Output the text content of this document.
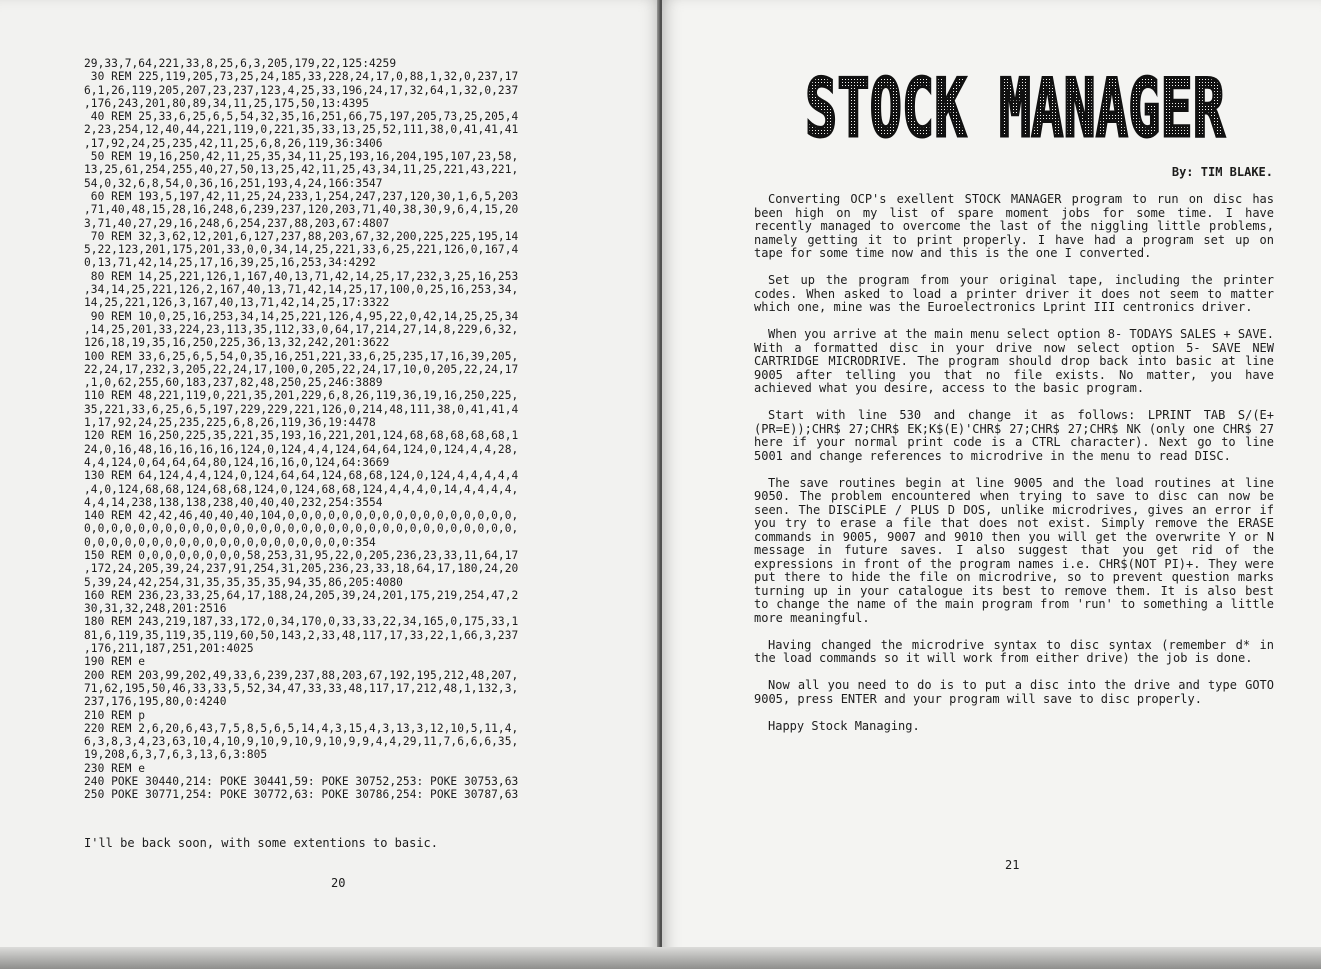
29,33,7,64,221,33,8,25,6,3,205,179,22,125:4259
30 REM 225,119,205,73,25,24,185,33,228,24,17,0,88,1,32,0,237,17
6,1,26,119,205,207,23,237,123,4,25,33,196,24,17,32,64,1,32,0,237
,176,243,201,80,89,34,11,25,175,50,13:4395
40 REM 25,33,6,25,6,5,54,32,35,16,251,66,75,197,205,73,25,205,4
2,23,254,12,40,44,221,119,0,221,35,33,13,25,52,111,38,0,41,41,41
,17,92,24,25,235,42,11,25,6,8,26,119,36:3406
50 REM 19,16,250,42,11,25,35,34,11,25,193,16,204,195,107,23,58,
13,25,61,254,255,40,27,50,13,25,42,11,25,43,34,11,25,221,43,221,
54,0,32,6,8,54,0,36,16,251,193,4,24,166:3547
60 REM 193,5,197,42,11,25,24,233,1,254,247,237,120,30,1,6,5,203
,71,40,48,15,28,16,248,6,239,237,120,203,71,40,38,30,9,6,4,15,20
3,71,40,27,29,16,248,6,254,237,88,203,67:4807
70 REM 32,3,62,12,201,6,127,237,88,203,67,32,200,225,225,195,14
5,22,123,201,175,201,33,0,0,34,14,25,221,33,6,25,221,126,0,167,4
0,13,71,42,14,25,17,16,39,25,16,253,34:4292
80 REM 14,25,221,126,1,167,40,13,71,42,14,25,17,232,3,25,16,253
,34,14,25,221,126,2,167,40,13,71,42,14,25,17,100,0,25,16,253,34,
14,25,221,126,3,167,40,13,71,42,14,25,17:3322
90 REM 10,0,25,16,253,34,14,25,221,126,4,95,22,0,42,14,25,25,34
,14,25,201,33,224,23,113,35,112,33,0,64,17,214,27,14,8,229,6,32,
126,18,19,35,16,250,225,36,13,32,242,201:3622
100 REM 33,6,25,6,5,54,0,35,16,251,221,33,6,25,235,17,16,39,205,
22,24,17,232,3,205,22,24,17,100,0,205,22,24,17,10,0,205,22,24,17
,1,0,62,255,60,183,237,82,48,250,25,246:3889
110 REM 48,221,119,0,221,35,201,229,6,8,26,119,36,19,16,250,225,
35,221,33,6,25,6,5,197,229,229,221,126,0,214,48,111,38,0,41,41,4
1,17,92,24,25,235,225,6,8,26,119,36,19:4478
120 REM 16,250,225,35,221,35,193,16,221,201,124,68,68,68,68,68,1
24,0,16,48,16,16,16,16,124,0,124,4,4,124,64,64,124,0,124,4,4,28,
4,4,124,0,64,64,64,80,124,16,16,0,124,64:3669
130 REM 64,124,4,4,124,0,124,64,64,124,68,68,124,0,124,4,4,4,4,4
,4,0,124,68,68,124,68,68,124,0,124,68,68,124,4,4,4,0,14,4,4,4,4,
4,4,14,238,138,138,238,40,40,40,232,254:3554
140 REM 42,42,46,40,40,40,104,0,0,0,0,0,0,0,0,0,0,0,0,0,0,0,0,0,
0,0,0,0,0,0,0,0,0,0,0,0,0,0,0,0,0,0,0,0,0,0,0,0,0,0,0,0,0,0,0,0,
0,0,0,0,0,0,0,0,0,0,0,0,0,0,0,0,0,0,0,0:354
150 REM 0,0,0,0,0,0,0,0,58,253,31,95,22,0,205,236,23,33,11,64,17
,172,24,205,39,24,237,91,254,31,205,236,23,33,18,64,17,180,24,20
5,39,24,42,254,31,35,35,35,35,94,35,86,205:4080
160 REM 236,23,33,25,64,17,188,24,205,39,24,201,175,219,254,47,2
30,31,32,248,201:2516
180 REM 243,219,187,33,172,0,34,170,0,33,33,22,34,165,0,175,33,1
81,6,119,35,119,35,119,60,50,143,2,33,48,117,17,33,22,1,66,3,237
,176,211,187,251,201:4025
190 REM e
200 REM 203,99,202,49,33,6,239,237,88,203,67,192,195,212,48,207,
71,62,195,50,46,33,33,5,52,34,47,33,33,48,117,17,212,48,1,132,3,
237,176,195,80,0:4240
210 REM p
220 REM 2,6,20,6,43,7,5,8,5,6,5,14,4,3,15,4,3,13,3,12,10,5,11,4,
6,3,8,3,4,23,63,10,4,10,9,10,9,10,9,10,9,9,4,4,29,11,7,6,6,6,35,
19,208,6,3,7,6,3,13,6,3:805
230 REM e
240 POKE 30440,214: POKE 30441,59: POKE 30752,253: POKE 30753,63
250 POKE 30771,254: POKE 30772,63: POKE 30786,254: POKE 30787,63
I'll be back soon, with some extentions to basic.
20
STOCK MANAGER
By: TIM BLAKE.

Converting OCP's exellent STOCK MANAGER program to run on disc has been high on my list of spare moment jobs for some time. I have recently managed to overcome the last of the niggling little problems, namely getting it to print properly. I have had a program set up on tape for some time now and this is the one I converted.

Set up the program from your original tape, including the printer codes. When asked to load a printer driver it does not seem to matter which one, mine was the Euroelectronics Lprint III centronics driver.

When you arrive at the main menu select option 8- TODAYS SALES + SAVE. With a formatted disc in your drive now select option 5- SAVE NEW CARTRIDGE MICRODRIVE. The program should drop back into basic at line 9005 after telling you that no file exists. No matter, you have achieved what you desire, access to the basic program.

Start with line 530 and change it as follows: LPRINT TAB S/(E+(PR=E));CHR$ 27;CHR$ EK;K$(E)'CHR$ 27;CHR$ 27;CHR$ NK (only one CHR$ 27 here if your normal print code is a CTRL character). Next go to line 5001 and change references to microdrive in the menu to read DISC.

The save routines begin at line 9005 and the load routines at line 9050. The problem encountered when trying to save to disc can now be seen. The DISCiPLE / PLUS D DOS, unlike microdrives, gives an error if you try to erase a file that does not exist. Simply remove the ERASE commands in 9005, 9007 and 9010 then you will get the overwrite Y or N message in future saves. I also suggest that you get rid of the expressions in front of the program names i.e. CHR$(NOT PI)+. They were put there to hide the file on microdrive, so to prevent question marks turning up in your catalogue its best to remove them. It is also best to change the name of the main program from 'run' to something a little more meaningful.

Having changed the microdrive syntax to disc syntax (remember d* in the load commands so it will work from either drive) the job is done.

Now all you need to do is to put a disc into the drive and type GOTO 9005, press ENTER and your program will save to disc properly.

Happy Stock Managing.

21
